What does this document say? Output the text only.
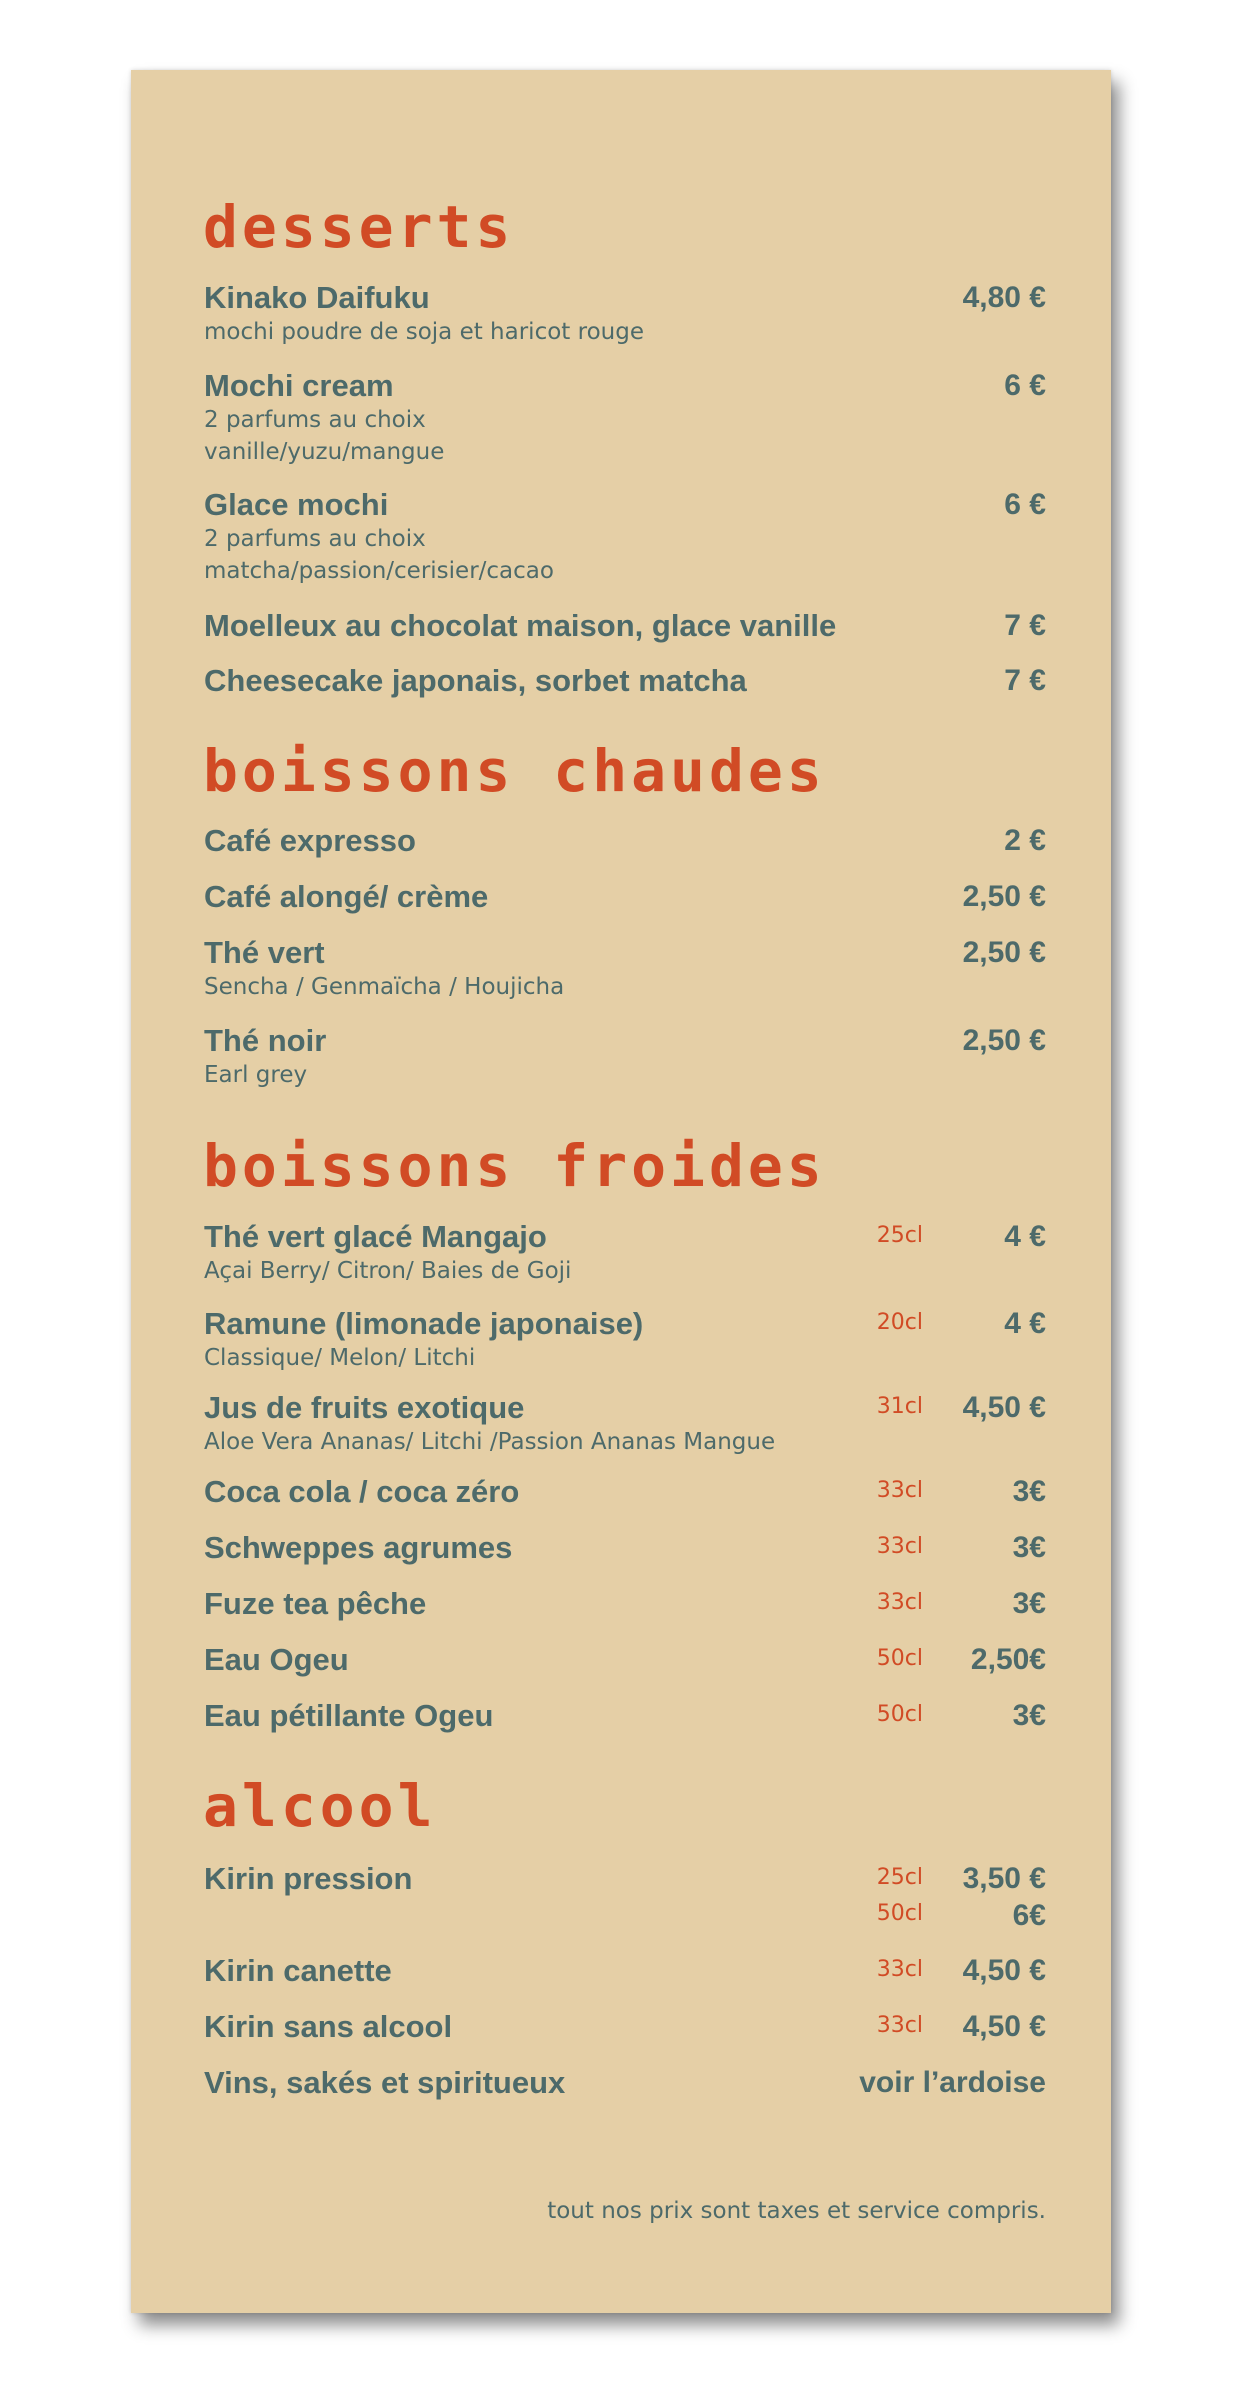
desserts
Kinako Daifuku
mochi poudre de soja et haricot rouge
4,80 €
Mochi cream
2 parfums au choix
vanille/yuzu/mangue
6 €
Glace mochi
2 parfums au choix
matcha/passion/cerisier/cacao
6 €
Moelleux au chocolat maison, glace vanille	7 €
Cheesecake japonais, sorbet matcha	7 €
boissons chaudes
Café expresso	2 €
Café alongé/ crème	2,50 €
Thé vert
Sencha / Genmaïcha / Houjicha
2,50 €
Thé noir
Earl grey
2,50 €
boissons froides
Thé vert glacé Mangajo
Açai Berry/ Citron/ Baies de Goji
25cl	4 €
Ramune (limonade japonaise)
Classique/ Melon/ Litchi
20cl	4 €
Jus de fruits exotique
Aloe Vera Ananas/ Litchi /Passion Ananas Mangue
31cl 4,50 €
Coca cola / coca zéro	33cl	3€
Schweppes agrumes	33cl	3€
Fuze tea pêche	33cl	3€
Eau Ogeu	50cl 2,50€
Eau pétillante Ogeu	50cl	3€
alcool
Kirin pression	25cl 3,50 €
50cl	6€
Kirin canette	33cl 4,50 €
Kirin sans alcool	33cl 4,50 €
Vins, sakés et spiritueux	voir l’ardoise
tout nos prix sont taxes et service compris.
